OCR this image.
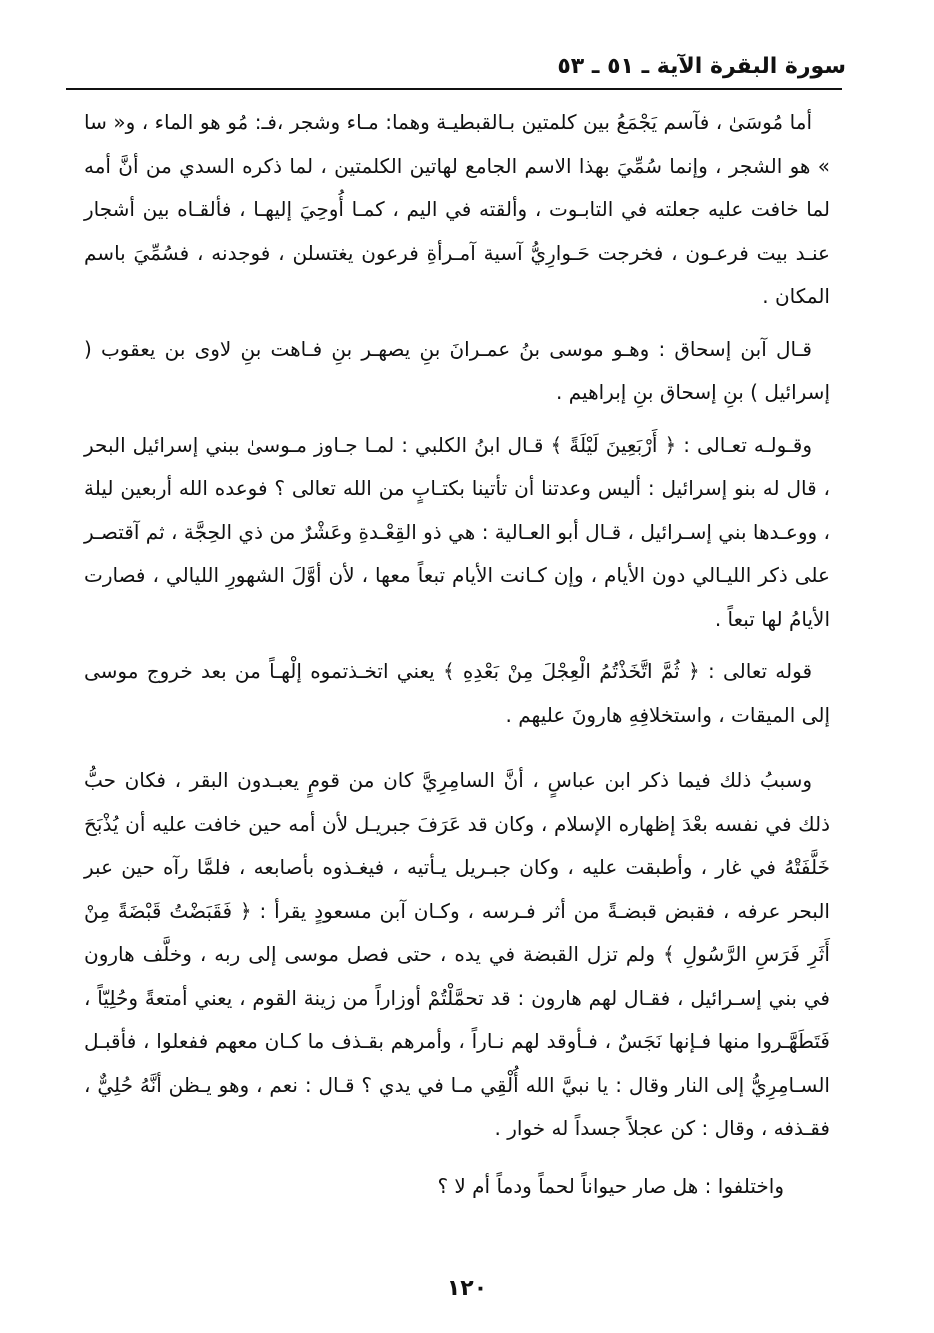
سورة البقرة الآية ـ ٥١ ـ ٥٣

أما مُوسَىٰ ، فآسم يَجْمَعُ بين كلمتين بـالقبطيـة وهما: مـاء وشجر ،فـ: مُو هو الماء ، و« سا » هو الشجر ، وإنما سُمِّيَ بهذا الاسم الجامع لهاتين الكلمتين ، لما ذكره السدي من أنَّ أمه لما خافت عليه جعلته في التابـوت ، وألقته في اليم ، كمـا أُوحِيَ إليهـا ، فألقـاه بين أشجار عنـد بيت فرعـون ، فخرجت حَـوارِيُّ آسية آمـرأةِ فرعون يغتسلن ، فوجدنه ، فسُمِّيَ باسم المكان .

قـال آبن إسحاق : وهـو موسى بنُ عمـرانَ بنِ يصهـر بنِ فـاهت بنِ لاوى بن يعقوب ( إسرائيل ) بنِ إسحاق بنِ إبراهيم .

وقـولـه تعـالى : ﴿ أَرْبَعِينَ لَيْلَةً ﴾ قـال ابنُ الكلبي : لمـا جـاوز مـوسىٰ ببني إسرائيل البحر ، قال له بنو إسرائيل : أليس وعدتنا أن تأتينا بكتـابٍ من الله تعالى ؟ فوعده الله أربعين ليلة ، ووعـدها بني إسـرائيل ، قـال أبو العـالية : هي ذو القِعْـدةِ وعَشْرٌ من ذي الحِجَّة ، ثم آقتصـر على ذكر الليـالي دون الأيام ، وإن كـانت الأيام تبعاً معها ، لأن أوَّلَ الشهورِ الليالي ، فصارت الأيامُ لها تبعاً .

قوله تعالى : ﴿ ثُمَّ اتَّخَذْتُمُ الْعِجْلَ مِنْ بَعْدِهِ ﴾ يعني اتخـذتموه إلْهـاً من بعد خروج موسى إلى الميقات ، واستخلافِهِ هارونَ عليهم .

وسببُ ذلك فيما ذكر ابن عباسٍ ، أنَّ السامِرِيَّ كان من قومٍ يعبـدون البقر ، فكان حبُّ ذلك في نفسه بعْدَ إظهاره الإسلام ، وكان قد عَرَفَ جبريـل لأن أمه حين خافت عليه أن يُذْبَحَ خَلَّفَتْهُ في غار ، وأطبقت عليه ، وكان جبـريل يـأتيه ، فيغـذوه بأصابعه ، فلمَّا رآه حين عبر البحر عرفه ، فقبض قبضـةً من أثر فـرسه ، وكـان آبن مسعودٍ يقرأ : ﴿ فَقَبَضْتُ قَبْضَةً مِنْ أَثَرِ فَرَسِ الرَّسُولِ ﴾ ولم تزل القبضة في يده ، حتى فصل موسى إلى ربه ، وخلَّف هارون في بني إسـرائيل ، فقـال لهم هارون : قد تحمَّلْتُمْ أوزاراً من زينة القوم ، يعني أمتعةً وحُلِيّاً ، فَتَطَهَّـروا منها فـإنها نَجَسٌ ، فـأوقد لهم نـاراً ، وأمرهم بقـذف ما كـان معهم ففعلوا ، فأقبـل السـامِرِيُّ إلى النار وقال : يا نبيَّ الله أُلْقِي مـا في يدي ؟ قـال : نعم ، وهو يـظن أنَّهُ حُلِيٌّ ، فقـذفه ، وقال : كن عجلاً جسداً له خوار .

واختلفوا : هل صار حيواناً لحماً ودماً أم لا ؟

١٢٠
